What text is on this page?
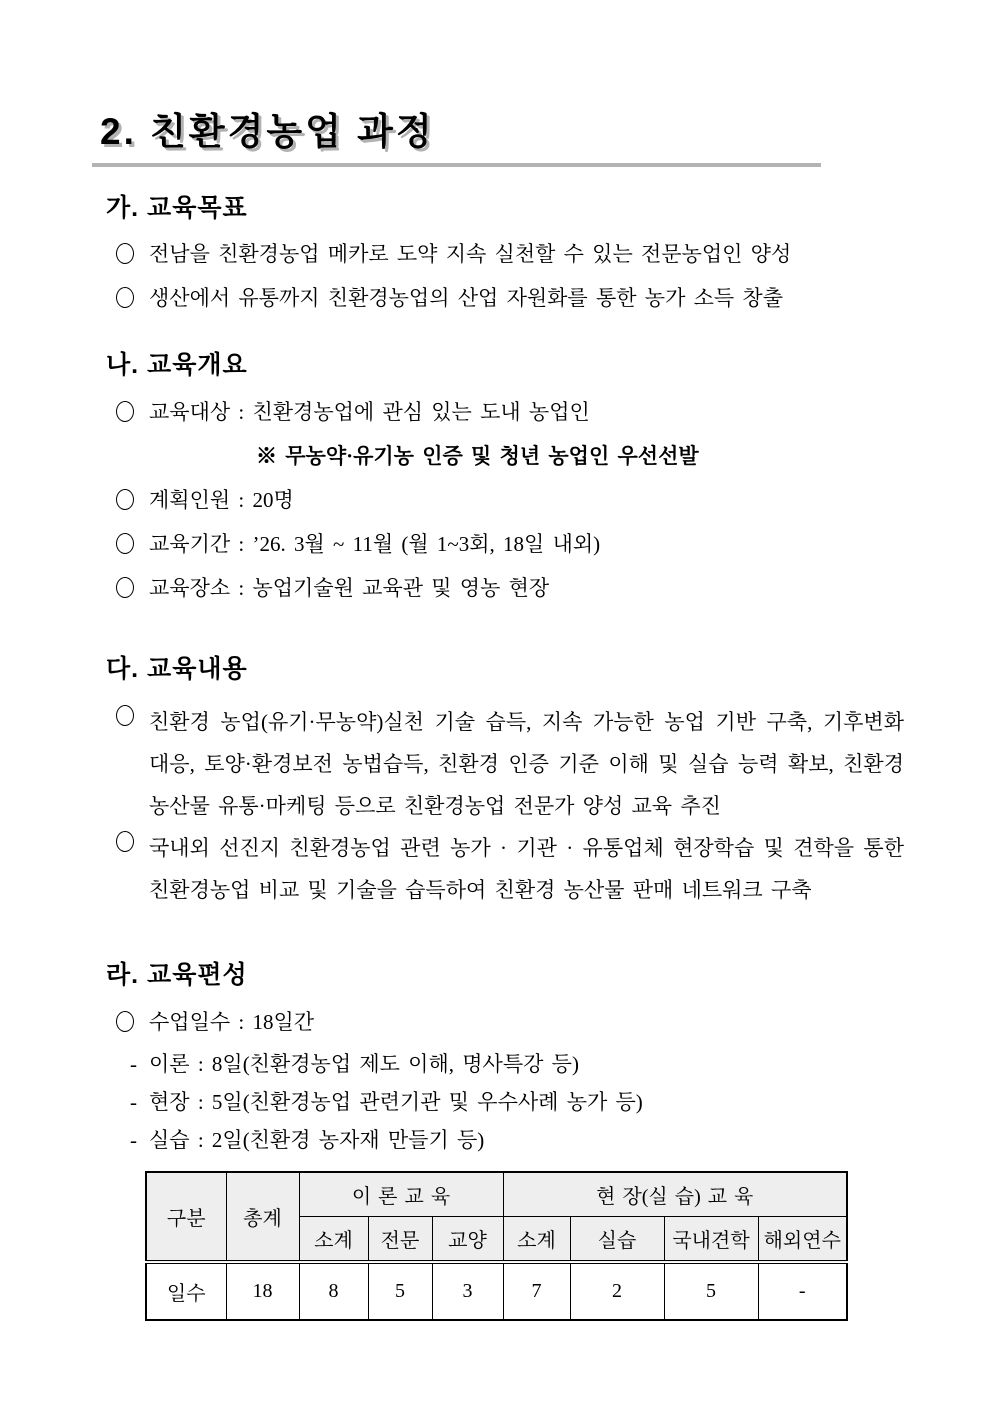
2. 친환경농업 과정
가. 교육목표
전남을 친환경농업 메카로 도약 지속 실천할 수 있는 전문농업인 양성
생산에서 유통까지 친환경농업의 산업 자원화를 통한 농가 소득 창출
나. 교육개요
교육대상 : 친환경농업에 관심 있는 도내 농업인
※ 무농약·유기농 인증 및 청년 농업인 우선선발
계획인원 : 20명
교육기간 : ’26. 3월 ~ 11월 (월 1~3회, 18일 내외)
교육장소 : 농업기술원 교육관 및 영농 현장
다. 교육내용
친환경 농업(유기·무농약)실천 기술 습득, 지속 가능한 농업 기반 구축, 기후변화 대응, 토양·환경보전 농법습득, 친환경 인증 기준 이해 및 실습 능력 확보, 친환경 농산물 유통·마케팅 등으로 친환경농업 전문가 양성 교육 추진
국내외 선진지 친환경농업 관련 농가 · 기관 · 유통업체 현장학습 및 견학을 통한 친환경농업 비교 및 기술을 습득하여 친환경 농산물 판매 네트워크 구축
라. 교육편성
수업일수 : 18일간
- 이론 : 8일(친환경농업 제도 이해, 명사특강 등)
- 현장 : 5일(친환경농업 관련기관 및 우수사례 농가 등)
- 실습 : 2일(친환경 농자재 만들기 등)
구분	총계	이 론 교 육			현 장(실 습) 교 육			
		소계	전문	교양	소계	실습	국내견학	해외연수
일수	18	8	5	3	7	2	5	-
